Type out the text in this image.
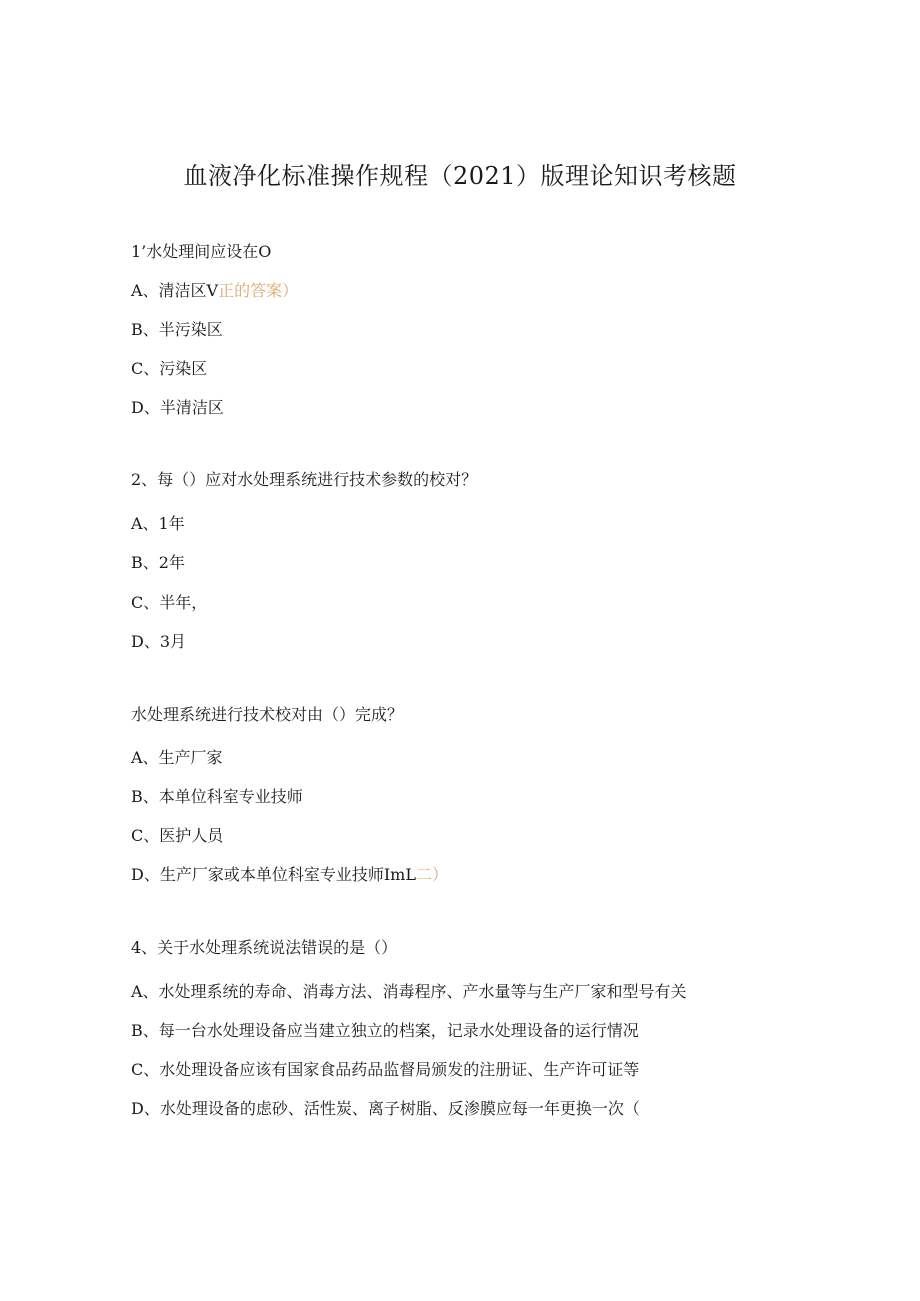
血液净化标准操作规程（2021）版理论知识考核题
1’水处理间应设在O
A、清洁区V正的答案）
B、半污染区
C、污染区
D、半清洁区
2、每（）应对水处理系统进行技术参数的校对？
A、1年
B、2年
C、半年，
D、3月
水处理系统进行技术校对由（）完成？
A、生产厂家
B、本单位科室专业技师
C、医护人员
D、生产厂家或本单位科室专业技师ImL二）
4、关于水处理系统说法错误的是（）
A、水处理系统的寿命、消毒方法、消毒程序、产水量等与生产厂家和型号有关
B、每一台水处理设备应当建立独立的档案，记录水处理设备的运行情况
C、水处理设备应该有国家食品药品监督局颁发的注册证、生产许可证等
D、水处理设备的虑砂、活性炭、离子树脂、反渗膜应每一年更换一次（
